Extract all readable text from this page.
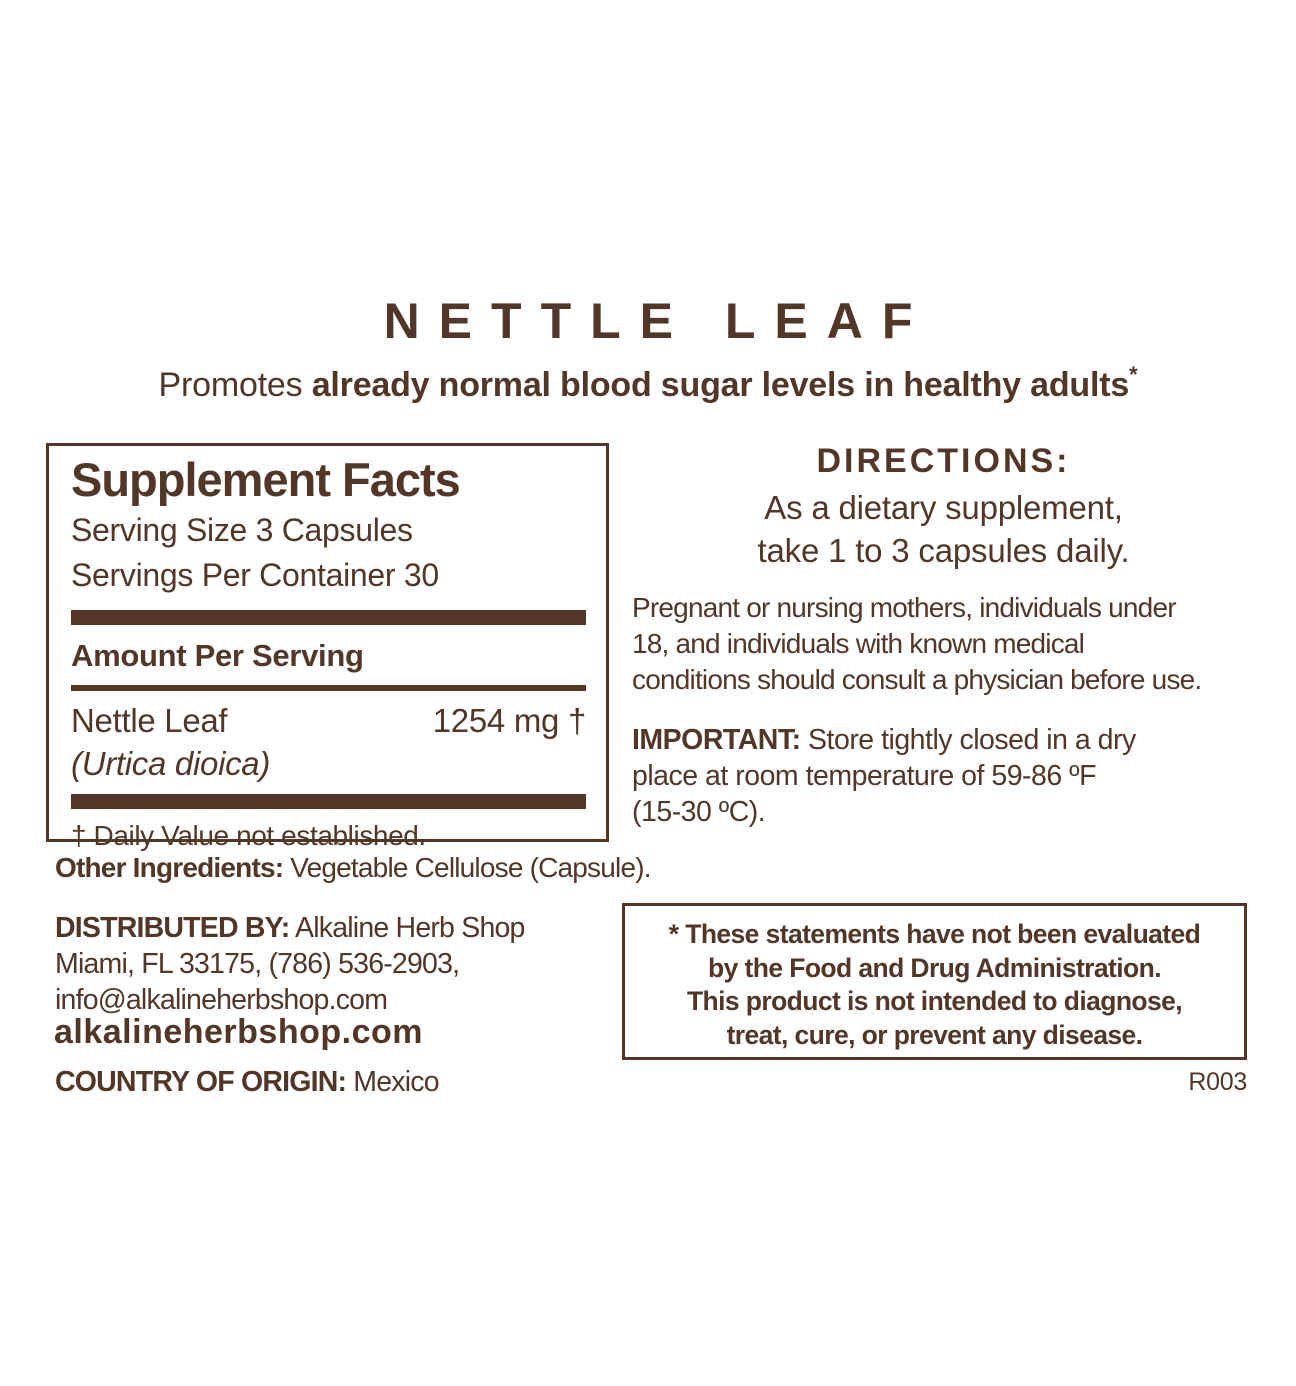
NETTLE LEAF
Promotes already normal blood sugar levels in healthy adults*
Supplement Facts
Serving Size 3 Capsules
Servings Per Container 30
Amount Per Serving
Nettle Leaf	1254 mg †
(Urtica dioica)
† Daily Value not established.
Other Ingredients: Vegetable Cellulose (Capsule).
DISTRIBUTED BY: Alkaline Herb Shop
Miami, FL 33175, (786) 536-2903,
info@alkalineherbshop.com
alkalineherbshop.com
COUNTRY OF ORIGIN: Mexico
DIRECTIONS:
As a dietary supplement,
take 1 to 3 capsules daily.
Pregnant or nursing mothers, individuals under
18, and individuals with known medical
conditions should consult a physician before use.
IMPORTANT: Store tightly closed in a dry
place at room temperature of 59-86 ºF
(15-30 ºC).
* These statements have not been evaluated
by the Food and Drug Administration.
This product is not intended to diagnose,
treat, cure, or prevent any disease.
R003
